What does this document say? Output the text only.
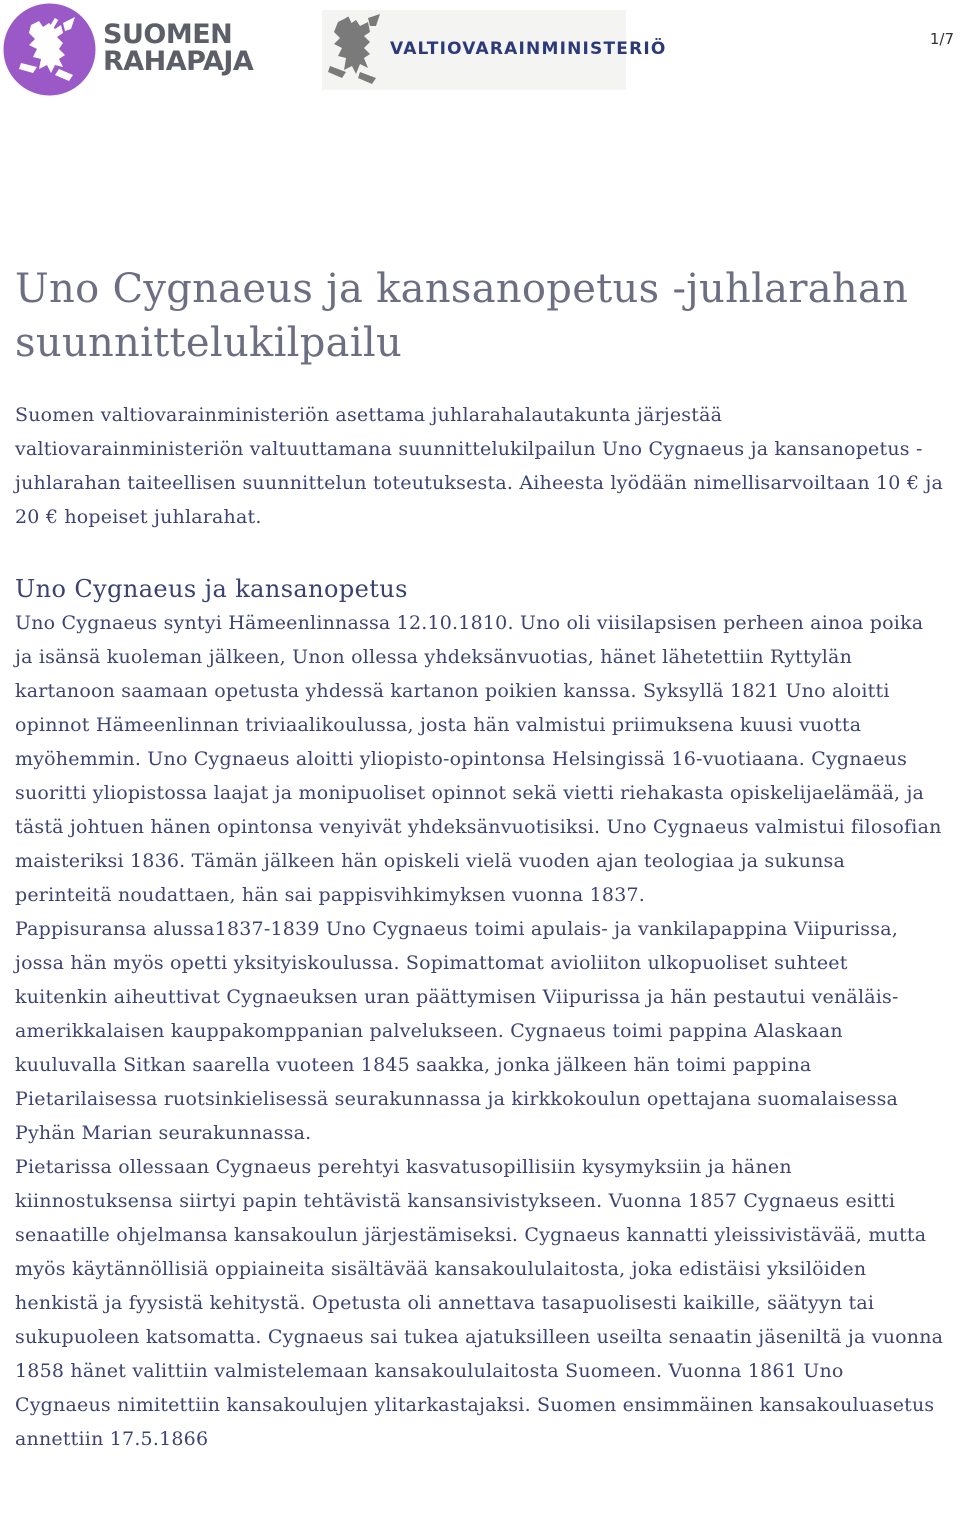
SUOMEN
RAHAPAJA	VALTIOVARAINMINISTERIÖ	1/7
Uno Cygnaeus ja kansanopetus -juhlarahan suunnittelukilpailu

Suomen valtiovarainministeriön asettama juhlarahalautakunta järjestää valtiovarainministeriön valtuuttamana suunnittelukilpailun Uno Cygnaeus ja kansanopetus -juhlarahan taiteellisen suunnittelun toteutuksesta. Aiheesta lyödään nimellisarvoiltaan 10 € ja 20 € hopeiset juhlarahat.

Uno Cygnaeus ja kansanopetus

Uno Cygnaeus syntyi Hämeenlinnassa 12.10.1810. Uno oli viisilapsisen perheen ainoa poika ja isänsä kuoleman jälkeen, Unon ollessa yhdeksänvuotias, hänet lähetettiin Ryttylän kartanoon saamaan opetusta yhdessä kartanon poikien kanssa. Syksyllä 1821 Uno aloitti opinnot Hämeenlinnan triviaalikoulussa, josta hän valmistui priimuksena kuusi vuotta myöhemmin. Uno Cygnaeus aloitti yliopisto-opintonsa Helsingissä 16-vuotiaana. Cygnaeus suoritti yliopistossa laajat ja monipuoliset opinnot sekä vietti riehakasta opiskelijaelämää, ja tästä johtuen hänen opintonsa venyivät yhdeksänvuotisiksi. Uno Cygnaeus valmistui filosofian maisteriksi 1836. Tämän jälkeen hän opiskeli vielä vuoden ajan teologiaa ja sukunsa perinteitä noudattaen, hän sai pappisvihkimyksen vuonna 1837.

Pappisuransa alussa1837-1839 Uno Cygnaeus toimi apulais- ja vankilapappina Viipurissa, jossa hän myös opetti yksityiskoulussa. Sopimattomat avioliiton ulkopuoliset suhteet kuitenkin aiheuttivat Cygnaeuksen uran päättymisen Viipurissa ja hän pestautui venäläis-amerikkalaisen kauppakomppanian palvelukseen. Cygnaeus toimi pappina Alaskaan kuuluvalla Sitkan saarella vuoteen 1845 saakka, jonka jälkeen hän toimi pappina Pietarilaisessa ruotsinkielisessä seurakunnassa ja kirkkokoulun opettajana suomalaisessa Pyhän Marian seurakunnassa.

Pietarissa ollessaan Cygnaeus perehtyi kasvatusopillisiin kysymyksiin ja hänen kiinnostuksensa siirtyi papin tehtävistä kansansivistykseen. Vuonna 1857 Cygnaeus esitti senaatille ohjelmansa kansakoulun järjestämiseksi. Cygnaeus kannatti yleissivistävää, mutta myös käytännöllisiä oppiaineita sisältävää kansakoululaitosta, joka edistäisi yksilöiden henkistä ja fyysistä kehitystä. Opetusta oli annettava tasapuolisesti kaikille, säätyyn tai sukupuoleen katsomatta. Cygnaeus sai tukea ajatuksilleen useilta senaatin jäseniltä ja vuonna 1858 hänet valittiin valmistelemaan kansakoululaitosta Suomeen. Vuonna 1861 Uno Cygnaeus nimitettiin kansakoulujen ylitarkastajaksi. Suomen ensimmäinen kansakouluasetus annettiin 17.5.1866
